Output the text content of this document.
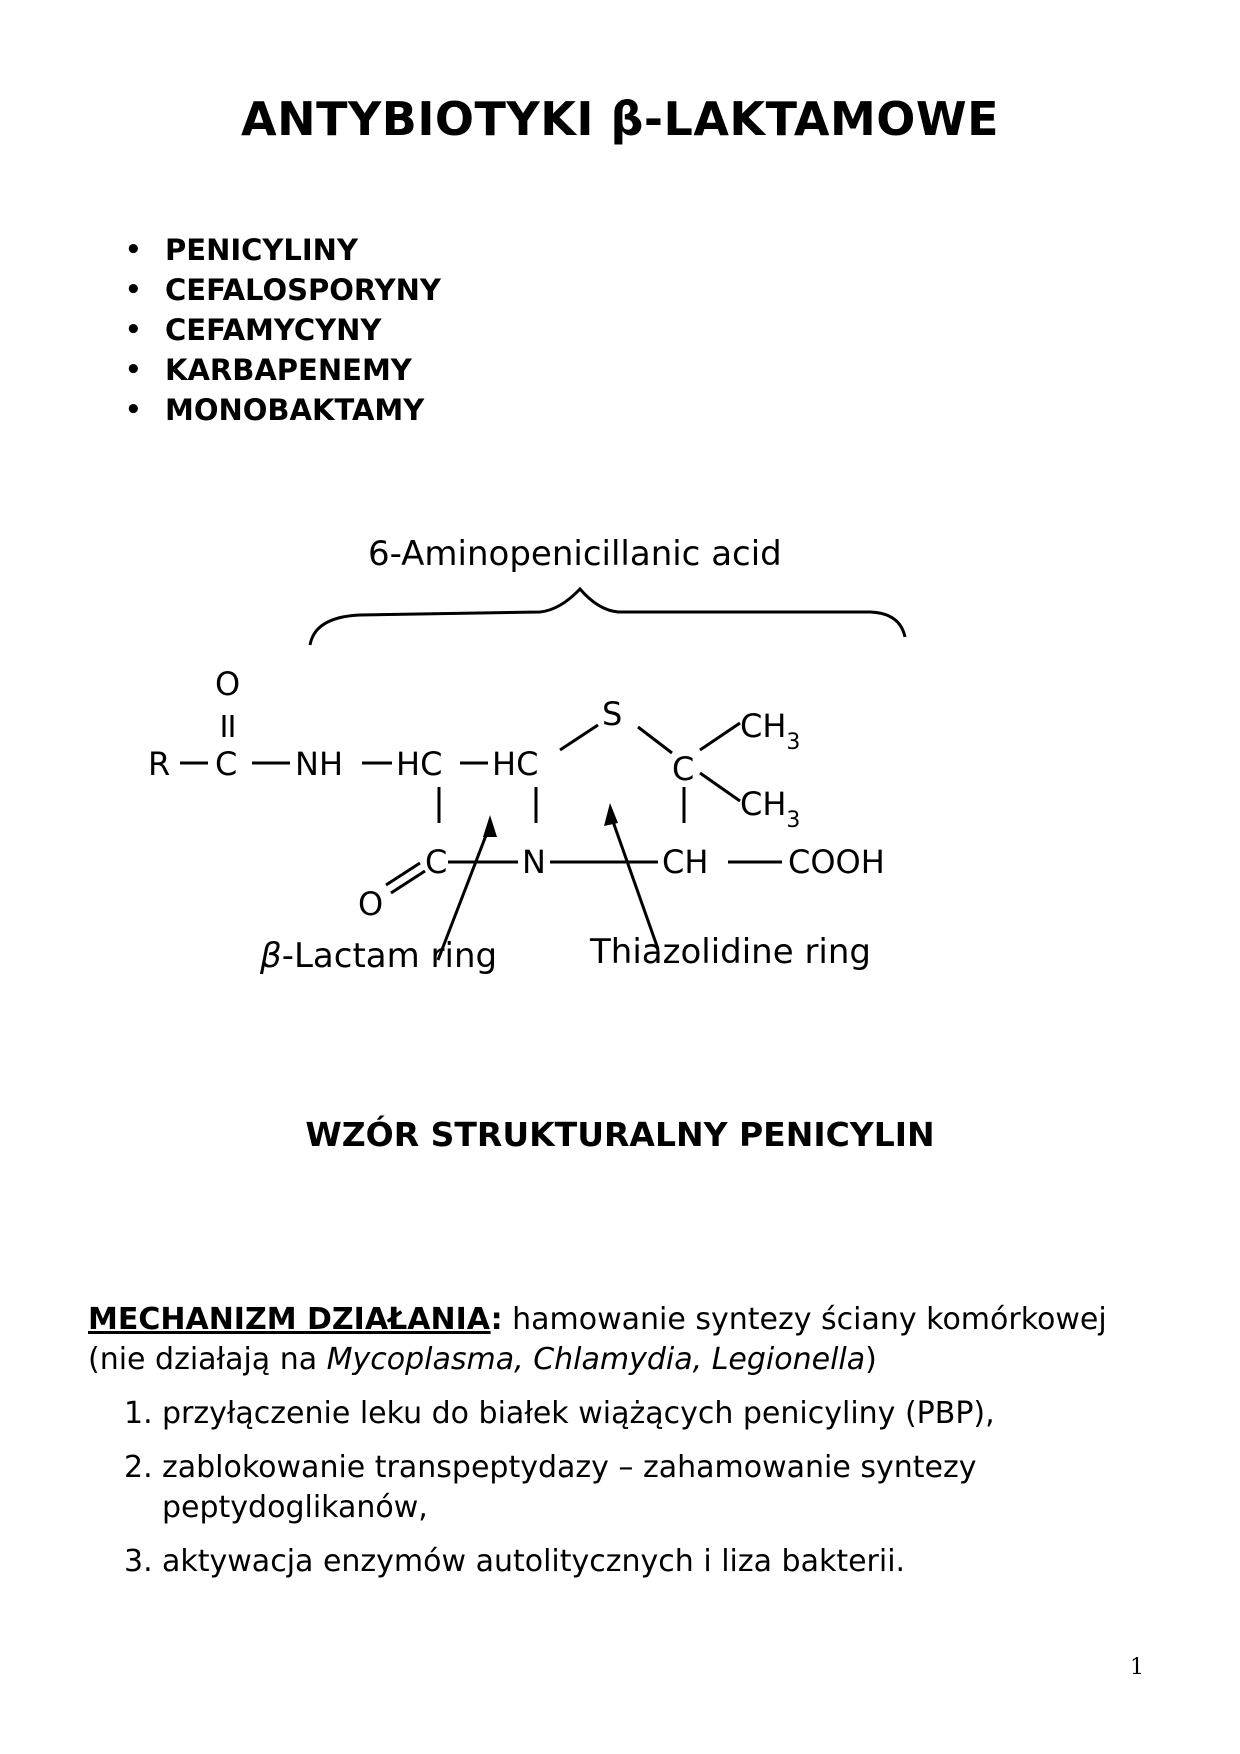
ANTYBIOTYKI β-LAKTAMOWE
• PENICYLINY
• CEFALOSPORYNY
• CEFAMYCYNY
• KARBAPENEMY
• MONOBAKTAMY
6-Aminopenicillanic acid
O
R C NH HC HC
S
C
$CH_3$
$CH_3$
C N	CH COOH
O
β-Lactam ring	Thiazolidine ring
WZÓR STRUKTURALNY PENICYLIN
MECHANIZM DZIAŁANIA: hamowanie syntezy ściany komórkowej
(nie działają na Mycoplasma, Chlamydia, Legionella)
1. przyłączenie leku do białek wiążących penicyliny (PBP),
2. zablokowanie transpeptydazy – zahamowanie syntezy peptydoglikanów,
3. aktywacja enzymów autolitycznych i liza bakterii.
1
